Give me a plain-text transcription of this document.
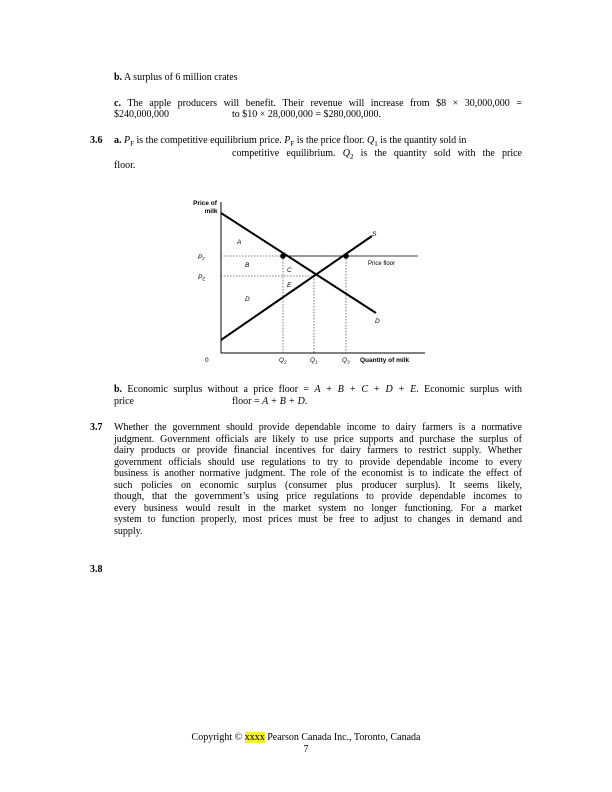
b. A surplus of 6 million crates
c. The apple producers will benefit. Their revenue will increase from $8 × 30,000,000 =
$240,000,000	to $10 × 28,000,000 = $280,000,000.
3.6 a. $P_F$ is the competitive equilibrium price. $P_F$ is the price floor. $Q_1$ is the quantity sold in
competitive equilibrium. $Q_2$ is the quantity sold with the price
floor.
Price of
milk
Quantity of milk
0
$P_F$
$P_E$
$Q_2$	$Q_1$	$Q_3$
S
D
Price floor
A
B
C
E
D
b. Economic surplus without a price floor = A + B + C + D + E. Economic surplus with
price	floor = A + B + D.
3.7 Whether the government should provide dependable income to dairy farmers is a normative
judgment. Government officials are likely to use price supports and purchase the surplus of
dairy products or provide financial incentives for dairy farmers to restrict supply. Whether
government officials should use regulations to try to provide dependable income to every
business is another normative judgment. The role of the economist is to indicate the effect of
such policies on economic surplus (consumer plus producer surplus). It seems likely,
though, that the government’s using price regulations to provide dependable incomes to
every business would result in the market system no longer functioning. For a market
system to function properly, most prices must be free to adjust to changes in demand and
supply.
3.8
Copyright © xxxx Pearson Canada Inc., Toronto, Canada
7
